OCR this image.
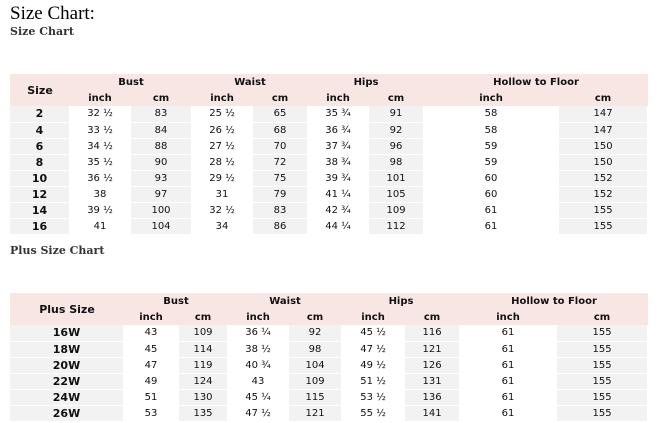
Size Chart:
Size Chart
Size	Bust		Waist		Hips		Hollow to Floor	
	inch	cm	inch	cm	inch	cm	inch	cm
2	32 ½	83	25 ½	65	35 ¾	91	58	147
4	33 ½	84	26 ½	68	36 ¾	92	58	147
6	34 ½	88	27 ½	70	37 ¾	96	59	150
8	35 ½	90	28 ½	72	38 ¾	98	59	150
10	36 ½	93	29 ½	75	39 ¾	101	60	152
12	38	97	31	79	41 ¼	105	60	152
14	39 ½	100	32 ½	83	42 ¾	109	61	155
16	41	104	34	86	44 ¼	112	61	155
Plus Size Chart
Plus Size	Bust		Waist		Hips		Hollow to Floor	
	inch	cm	inch	cm	inch	cm	inch	cm
16W	43	109	36 ¼	92	45 ½	116	61	155
18W	45	114	38 ½	98	47 ½	121	61	155
20W	47	119	40 ¾	104	49 ½	126	61	155
22W	49	124	43	109	51 ½	131	61	155
24W	51	130	45 ¼	115	53 ½	136	61	155
26W	53	135	47 ½	121	55 ½	141	61	155
